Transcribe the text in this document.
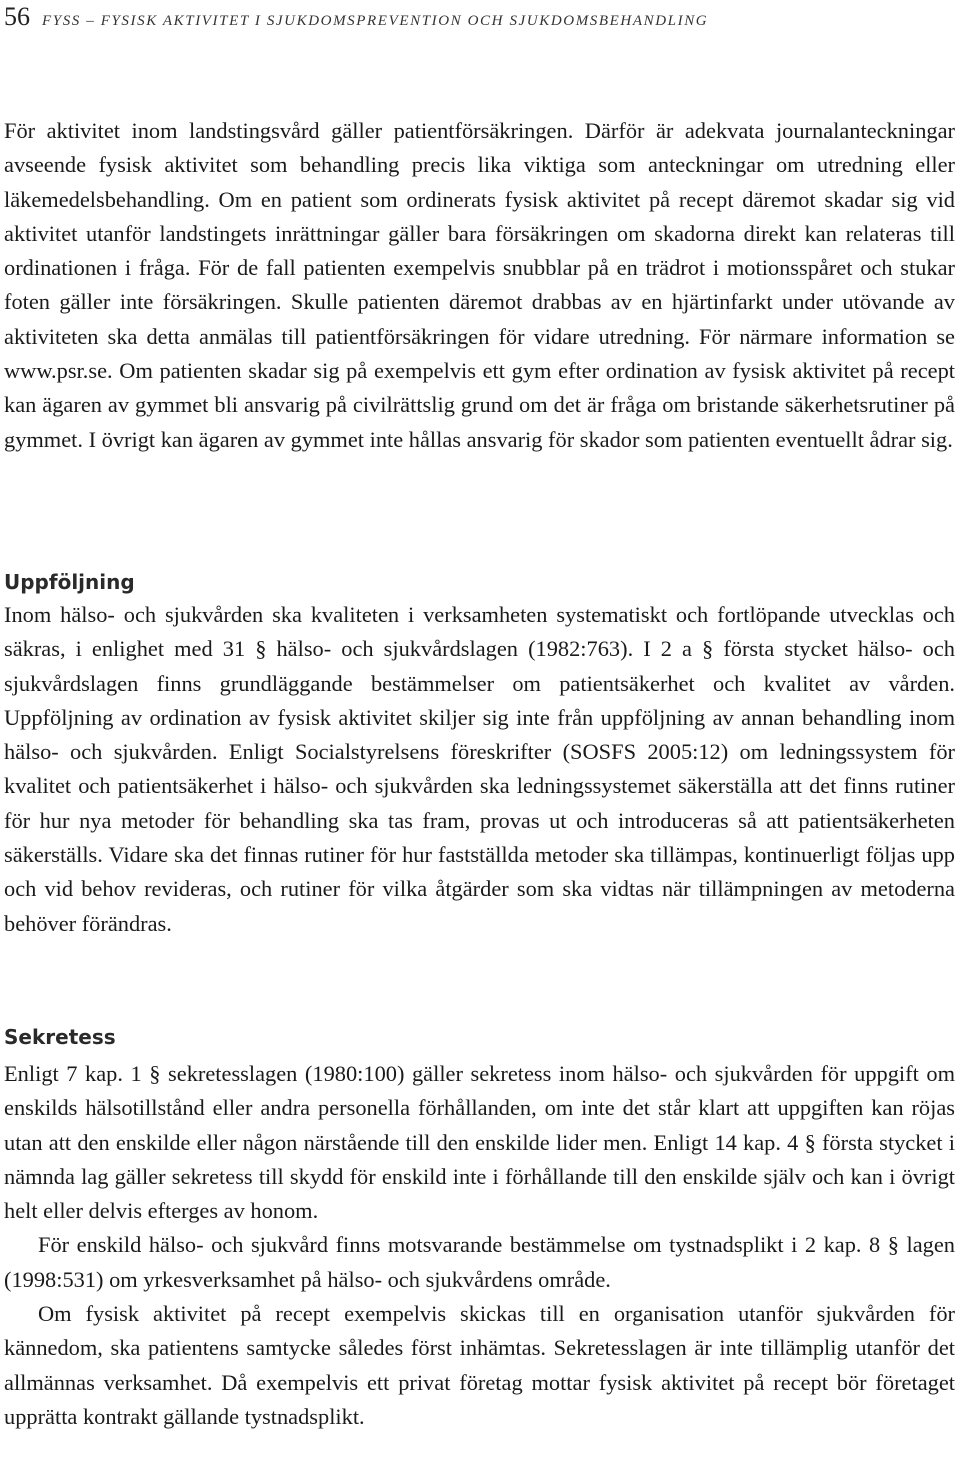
56 FYSS – FYSISK AKTIVITET I SJUKDOMSPREVENTION OCH SJUKDOMSBEHANDLING

För aktivitet inom landstingsvård gäller patientförsäkringen. Därför är adekvata journalanteckningar avseende fysisk aktivitet som behandling precis lika viktiga som anteckningar om utredning eller läkemedelsbehandling. Om en patient som ordinerats fysisk aktivitet på recept däremot skadar sig vid aktivitet utanför landstingets inrättningar gäller bara försäkringen om skadorna direkt kan relateras till ordinationen i fråga. För de fall patienten exempelvis snubblar på en trädrot i motionsspåret och stukar foten gäller inte försäkringen. Skulle patienten däremot drabbas av en hjärtinfarkt under utövande av aktiviteten ska detta anmälas till patientförsäkringen för vidare utredning. För närmare information se www.psr.se. Om patienten skadar sig på exempelvis ett gym efter ordination av fysisk aktivitet på recept kan ägaren av gymmet bli ansvarig på civilrättslig grund om det är fråga om bristande säkerhetsrutiner på gymmet. I övrigt kan ägaren av gymmet inte hållas ansvarig för skador som patienten eventuellt ådrar sig.

Uppföljning

Inom hälso- och sjukvården ska kvaliteten i verksamheten systematiskt och fortlöpande utvecklas och säkras, i enlighet med 31 § hälso- och sjukvårdslagen (1982:763). I 2 a § första stycket hälso- och sjukvårdslagen finns grundläggande bestämmelser om patientsäkerhet och kvalitet av vården. Uppföljning av ordination av fysisk aktivitet skiljer sig inte från uppföljning av annan behandling inom hälso- och sjukvården. Enligt Socialstyrelsens föreskrifter (SOSFS 2005:12) om ledningssystem för kvalitet och patientsäkerhet i hälso- och sjukvården ska ledningssystemet säkerställa att det finns rutiner för hur nya metoder för behandling ska tas fram, provas ut och introduceras så att patientsäkerheten säkerställs. Vidare ska det finnas rutiner för hur fastställda metoder ska tillämpas, kontinuerligt följas upp och vid behov revideras, och rutiner för vilka åtgärder som ska vidtas när tillämpningen av metoderna behöver förändras.

Sekretess

Enligt 7 kap. 1 § sekretesslagen (1980:100) gäller sekretess inom hälso- och sjukvården för uppgift om enskilds hälsotillstånd eller andra personella förhållanden, om inte det står klart att uppgiften kan röjas utan att den enskilde eller någon närstående till den enskilde lider men. Enligt 14 kap. 4 § första stycket i nämnda lag gäller sekretess till skydd för enskild inte i förhållande till den enskilde själv och kan i övrigt helt eller delvis efterges av honom.

För enskild hälso- och sjukvård finns motsvarande bestämmelse om tystnadsplikt i 2 kap. 8 § lagen (1998:531) om yrkesverksamhet på hälso- och sjukvårdens område.

Om fysisk aktivitet på recept exempelvis skickas till en organisation utanför sjukvården för kännedom, ska patientens samtycke således först inhämtas. Sekretesslagen är inte tillämplig utanför det allmännas verksamhet. Då exempelvis ett privat företag mottar fysisk aktivitet på recept bör företaget upprätta kontrakt gällande tystnadsplikt.
